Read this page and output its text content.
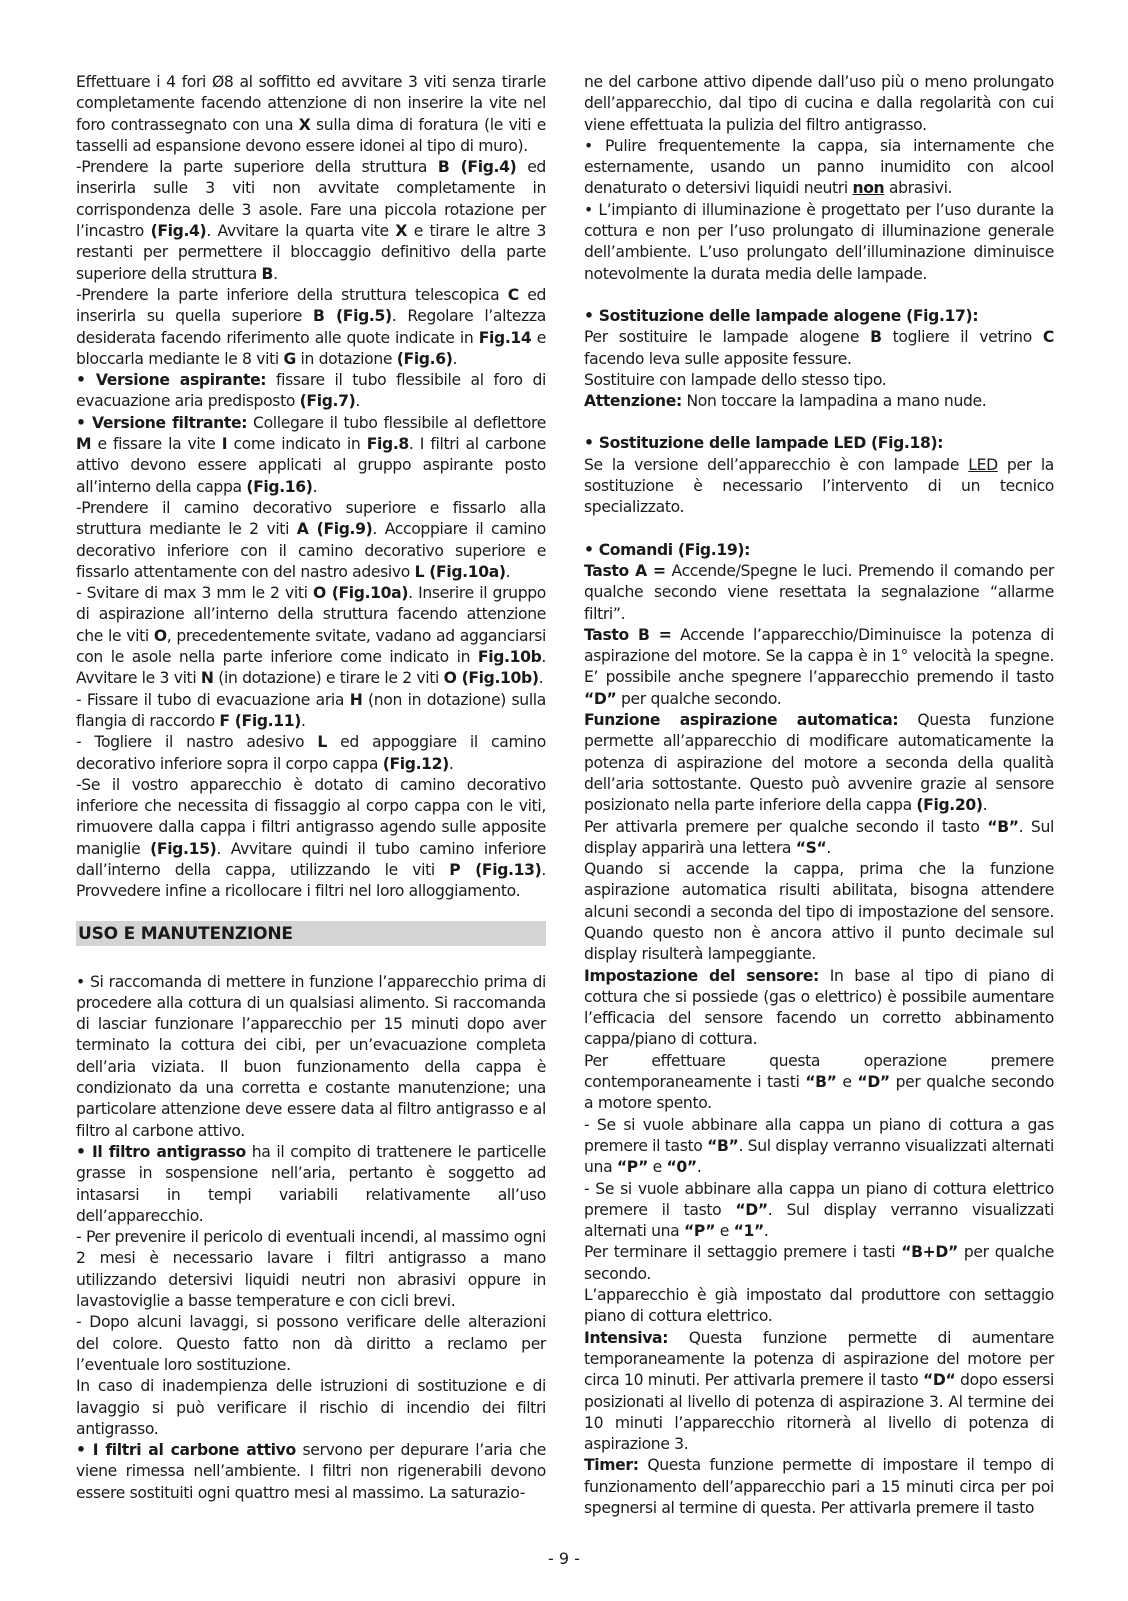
Effettuare i 4 fori Ø8 al soffitto ed avvitare 3 viti senza tirarle completamente facendo attenzione di non inserire la vite nel foro contrassegnato con una X sulla dima di foratura (le viti e tasselli ad espansione devono essere idonei al tipo di muro).

-Prendere la parte superiore della struttura B (Fig.4) ed inserirla sulle 3 viti non avvitate completamente in corrispondenza delle 3 asole. Fare una piccola rotazione per l’incastro (Fig.4). Avvitare la quarta vite X e tirare le altre 3 restanti per permettere il bloccaggio definitivo della parte superiore della struttura B.

-Prendere la parte inferiore della struttura telescopica C ed inserirla su quella superiore B (Fig.5). Regolare l’altezza desiderata facendo riferimento alle quote indicate in Fig.14 e bloccarla mediante le 8 viti G in dotazione (Fig.6).

• Versione aspirante: fissare il tubo flessibile al foro di evacuazione aria predisposto (Fig.7).

• Versione filtrante: Collegare il tubo flessibile al deflettore M e fissare la vite I come indicato in Fig.8. I filtri al carbone attivo devono essere applicati al gruppo aspirante posto all’interno della cappa (Fig.16).

-Prendere il camino decorativo superiore e fissarlo alla struttura mediante le 2 viti A (Fig.9). Accoppiare il camino decorativo inferiore con il camino decorativo superiore e fissarlo attentamente con del nastro adesivo L (Fig.10a).

- Svitare di max 3 mm le 2 viti O (Fig.10a). Inserire il gruppo di aspirazione all’interno della struttura facendo attenzione che le viti O, precedentemente svitate, vadano ad agganciarsi con le asole nella parte inferiore come indicato in Fig.10b. Avvitare le 3 viti N (in dotazione) e tirare le 2 viti O (Fig.10b).

- Fissare il tubo di evacuazione aria H (non in dotazione) sulla flangia di raccordo F (Fig.11).

- Togliere il nastro adesivo L ed appoggiare il camino decorativo inferiore sopra il corpo cappa (Fig.12).

-Se il vostro apparecchio è dotato di camino decorativo inferiore che necessita di fissaggio al corpo cappa con le viti, rimuovere dalla cappa i filtri antigrasso agendo sulle apposite maniglie (Fig.15). Avvitare quindi il tubo camino inferiore dall’interno della cappa, utilizzando le viti P (Fig.13). Provvedere infine a ricollocare i filtri nel loro alloggiamento.

USO E MANUTENZIONE

• Si raccomanda di mettere in funzione l’apparecchio prima di procedere alla cottura di un qualsiasi alimento. Si raccomanda di lasciar funzionare l’apparecchio per 15 minuti dopo aver terminato la cottura dei cibi, per un’evacuazione completa dell’aria viziata. Il buon funzionamento della cappa è condizionato da una corretta e costante manutenzione; una particolare attenzione deve essere data al filtro antigrasso e al filtro al carbone attivo.

• Il filtro antigrasso ha il compito di trattenere le particelle grasse in sospensione nell’aria, pertanto è soggetto ad intasarsi in tempi variabili relativamente all’uso dell’apparecchio.

- Per prevenire il pericolo di eventuali incendi, al massimo ogni 2 mesi è necessario lavare i filtri antigrasso a mano utilizzando detersivi liquidi neutri non abrasivi oppure in lavastoviglie a basse temperature e con cicli brevi.

- Dopo alcuni lavaggi, si possono verificare delle alterazioni del colore. Questo fatto non dà diritto a reclamo per l’eventuale loro sostituzione.

In caso di inadempienza delle istruzioni di sostituzione e di lavaggio si può verificare il rischio di incendio dei filtri antigrasso.

• I filtri al carbone attivo servono per depurare l’aria che viene rimessa nell’ambiente. I filtri non rigenerabili devono essere sostituiti ogni quattro mesi al massimo. La saturazio-

ne del carbone attivo dipende dall’uso più o meno prolungato dell’apparecchio, dal tipo di cucina e dalla regolarità con cui viene effettuata la pulizia del filtro antigrasso.

• Pulire frequentemente la cappa, sia internamente che esternamente, usando un panno inumidito con alcool denaturato o detersivi liquidi neutri non abrasivi.

• L’impianto di illuminazione è progettato per l’uso durante la cottura e non per l’uso prolungato di illuminazione generale dell’ambiente. L’uso prolungato dell’illuminazione diminuisce notevolmente la durata media delle lampade.

• Sostituzione delle lampade alogene (Fig.17):

Per sostituire le lampade alogene B togliere il vetrino C facendo leva sulle apposite fessure.

Sostituire con lampade dello stesso tipo.

Attenzione: Non toccare la lampadina a mano nude.

• Sostituzione delle lampade LED (Fig.18):

Se la versione dell’apparecchio è con lampade LED per la sostituzione è necessario l’intervento di un tecnico specializzato.

• Comandi (Fig.19):

Tasto A = Accende/Spegne le luci. Premendo il comando per qualche secondo viene resettata la segnalazione “allarme filtri”.

Tasto B = Accende l’apparecchio/Diminuisce la potenza di aspirazione del motore. Se la cappa è in 1° velocità la spegne. E’ possibile anche spegnere l’apparecchio premendo il tasto “D” per qualche secondo.

Funzione aspirazione automatica: Questa funzione permette all’apparecchio di modificare automaticamente la potenza di aspirazione del motore a seconda della qualità dell’aria sottostante. Questo può avvenire grazie al sensore posizionato nella parte inferiore della cappa (Fig.20).

Per attivarla premere per qualche secondo il tasto “B”. Sul display apparirà una lettera “S“.

Quando si accende la cappa, prima che la funzione aspirazione automatica risulti abilitata, bisogna attendere alcuni secondi a seconda del tipo di impostazione del sensore. Quando questo non è ancora attivo il punto decimale sul display risulterà lampeggiante.

Impostazione del sensore: In base al tipo di piano di cottura che si possiede (gas o elettrico) è possibile aumentare l’efficacia del sensore facendo un corretto abbinamento cappa/piano di cottura.

Per effettuare questa operazione premere contemporaneamente i tasti “B” e “D” per qualche secondo a motore spento.

- Se si vuole abbinare alla cappa un piano di cottura a gas premere il tasto “B”. Sul display verranno visualizzati alternati una “P” e “0”.

- Se si vuole abbinare alla cappa un piano di cottura elettrico premere il tasto “D”. Sul display verranno visualizzati alternati una “P” e “1”.

Per terminare il settaggio premere i tasti “B+D” per qualche secondo.

L’apparecchio è già impostato dal produttore con settaggio piano di cottura elettrico.

Intensiva: Questa funzione permette di aumentare temporaneamente la potenza di aspirazione del motore per circa 10 minuti. Per attivarla premere il tasto “D“ dopo essersi posizionati al livello di potenza di aspirazione 3. Al termine dei 10 minuti l’apparecchio ritornerà al livello di potenza di aspirazione 3.

Timer: Questa funzione permette di impostare il tempo di funzionamento dell’apparecchio pari a 15 minuti circa per poi spegnersi al termine di questa. Per attivarla premere il tasto

- 9 -
